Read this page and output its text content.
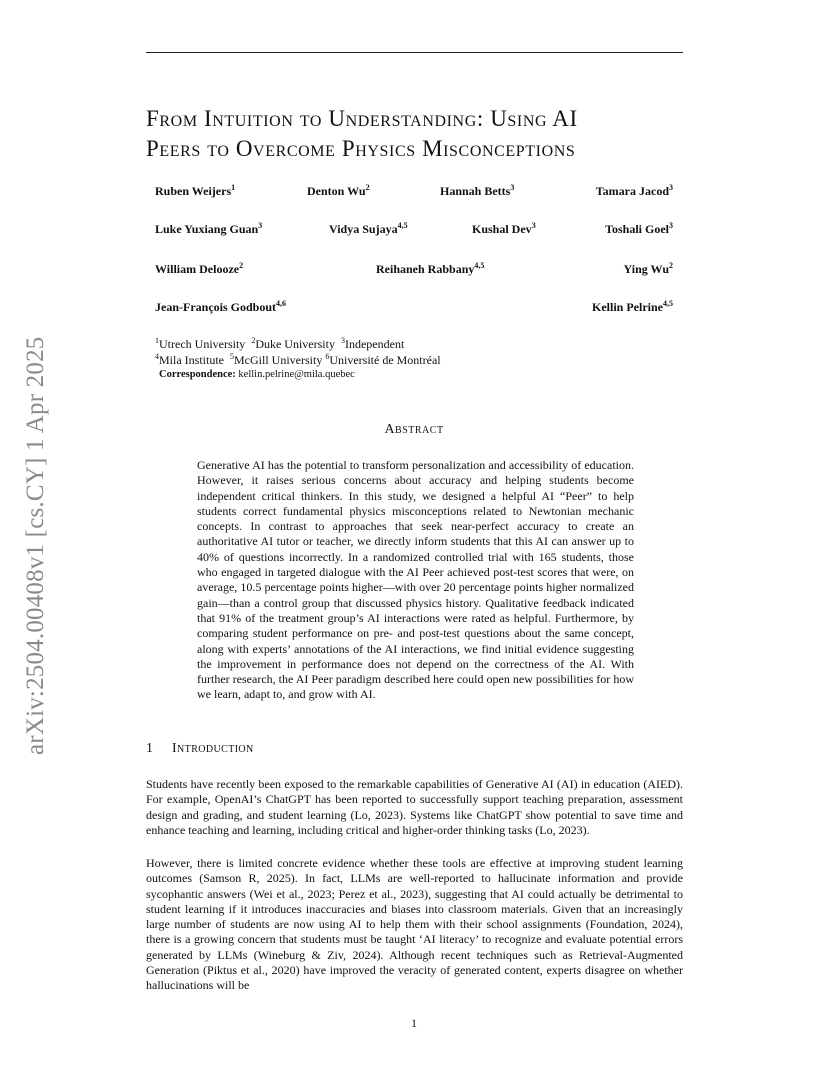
arXiv:2504.00408v1 [cs.CY] 1 Apr 2025
From Intuition to Understanding: Using AI
Peers to Overcome Physics Misconceptions
Ruben Weijers$^1$	Denton Wu$^2$	Hannah Betts$^3$	Tamara Jacod$^3$
Luke Yuxiang Guan$^3$	Vidya Sujaya$^{4,5}$	Kushal Dev$^3$	Toshali Goel$^3$
William Delooze$^2$	Reihaneh Rabbany$^{4,5}$	Ying Wu$^2$
Jean-François Godbout$^{4,6}$	Kellin Pelrine$^{4,5}$
$^1$Utrech University $^2$Duke University $^3$Independent
$^4$Mila Institute $^5$McGill University $^6$Université de Montréal
Correspondence: kellin.pelrine@mila.quebec
Abstract

Generative AI has the potential to transform personalization and accessibility of education. However, it raises serious concerns about accuracy and helping students become independent critical thinkers. In this study, we designed a helpful AI “Peer” to help students correct fundamental physics misconceptions related to Newtonian mechanic concepts. In contrast to approaches that seek near-perfect accuracy to create an authoritative AI tutor or teacher, we directly inform students that this AI can answer up to 40% of questions incorrectly. In a randomized controlled trial with 165 students, those who engaged in targeted dialogue with the AI Peer achieved post-test scores that were, on average, 10.5 percentage points higher—with over 20 percentage points higher normalized gain—than a control group that discussed physics history. Qualitative feedback indicated that 91% of the treatment group’s AI interactions were rated as helpful. Furthermore, by comparing student performance on pre- and post-test questions about the same concept, along with experts’ annotations of the AI interactions, we find initial evidence suggesting the improvement in performance does not depend on the correctness of the AI. With further research, the AI Peer paradigm described here could open new possibilities for how we learn, adapt to, and grow with AI.

1 Introduction

Students have recently been exposed to the remarkable capabilities of Generative AI (AI) in education (AIED). For example, OpenAI’s ChatGPT has been reported to successfully support teaching preparation, assessment design and grading, and student learning (Lo, 2023). Systems like ChatGPT show potential to save time and enhance teaching and learning, including critical and higher-order thinking tasks (Lo, 2023).

However, there is limited concrete evidence whether these tools are effective at improving student learning outcomes (Samson R, 2025). In fact, LLMs are well-reported to hallucinate information and provide sycophantic answers (Wei et al., 2023; Perez et al., 2023), suggesting that AI could actually be detrimental to student learning if it introduces inaccuracies and biases into classroom materials. Given that an increasingly large number of students are now using AI to help them with their school assignments (Foundation, 2024), there is a growing concern that students must be taught ‘AI literacy’ to recognize and evaluate potential errors generated by LLMs (Wineburg & Ziv, 2024). Although recent techniques such as Retrieval-Augmented Generation (Piktus et al., 2020) have improved the veracity of generated content, experts disagree on whether hallucinations will be

1
